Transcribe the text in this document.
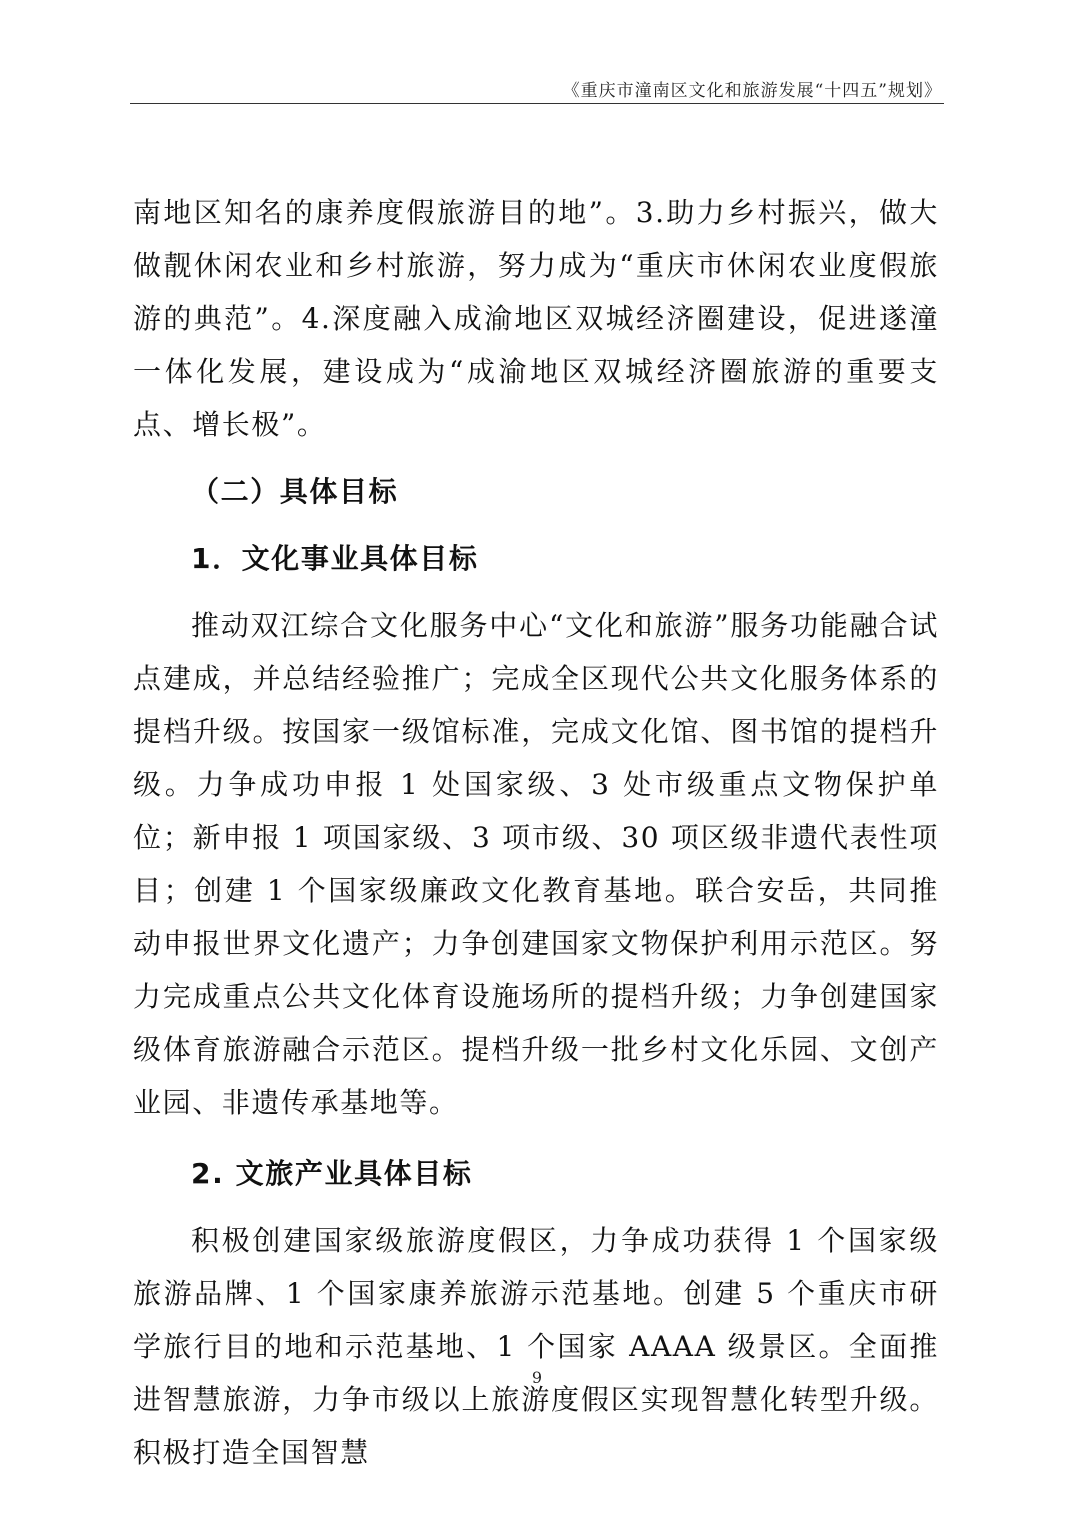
《重庆市潼南区文化和旅游发展“十四五”规划》

南地区知名的康养度假旅游目的地”。3.助力乡村振兴，做大做靓休闲农业和乡村旅游，努力成为“重庆市休闲农业度假旅游的典范”。4.深度融入成渝地区双城经济圈建设，促进遂潼一体化发展，建设成为“成渝地区双城经济圈旅游的重要支点、增长极”。

（二）具体目标
1．文化事业具体目标

推动双江综合文化服务中心“文化和旅游”服务功能融合试点建成，并总结经验推广；完成全区现代公共文化服务体系的提档升级。按国家一级馆标准，完成文化馆、图书馆的提档升级。力争成功申报 1 处国家级、3 处市级重点文物保护单位；新申报 1 项国家级、3 项市级、30 项区级非遗代表性项目；创建 1 个国家级廉政文化教育基地。联合安岳，共同推动申报世界文化遗产；力争创建国家文物保护利用示范区。努力完成重点公共文化体育设施场所的提档升级；力争创建国家级体育旅游融合示范区。提档升级一批乡村文化乐园、文创产业园、非遗传承基地等。

2. 文旅产业具体目标

积极创建国家级旅游度假区，力争成功获得 1 个国家级旅游品牌、1 个国家康养旅游示范基地。创建 5 个重庆市研学旅行目的地和示范基地、1 个国家 AAAA 级景区。全面推进智慧旅游，力争市级以上旅游度假区实现智慧化转型升级。积极打造全国智慧

9
